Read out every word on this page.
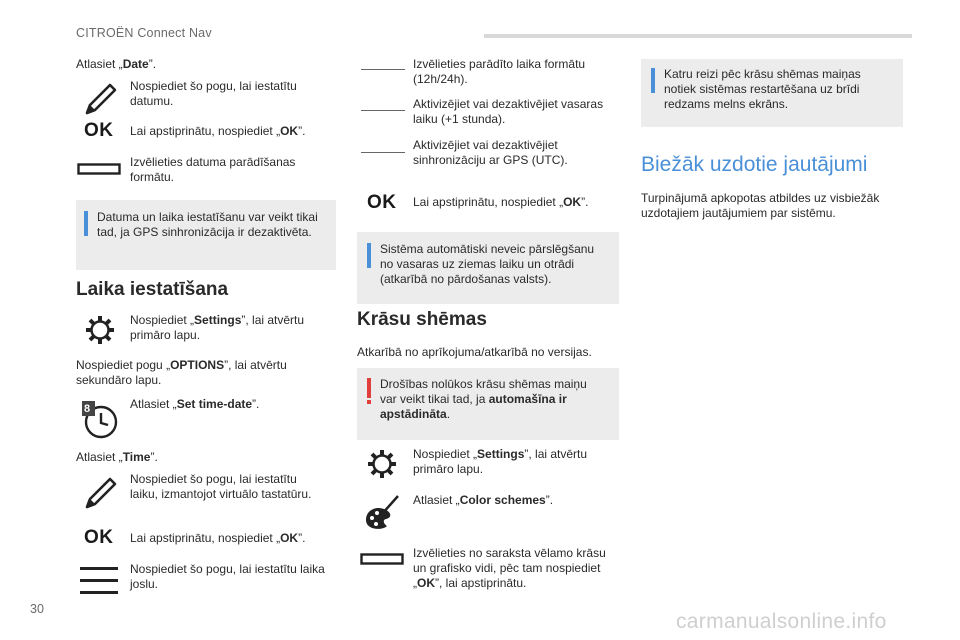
CITROËN Connect Nav
Atlasiet „Date”.
Nospiediet šo pogu, lai iestatītu
datumu.
OK Lai apstiprinātu, nospiediet „OK”.
Izvēlieties datuma parādīšanas
formātu.
Datuma un laika iestatīšanu var veikt tikai
tad, ja GPS sinhronizācija ir dezaktivēta.
Laika iestatīšana
Nospiediet „Settings”, lai atvērtu
primāro lapu.
Nospiediet pogu „OPTIONS”, lai atvērtu
sekundāro lapu.
8	Atlasiet „Set time-date”.
Atlasiet „Time”.
Nospiediet šo pogu, lai iestatītu
laiku, izmantojot virtuālo tastatūru.
OK Lai apstiprinātu, nospiediet „OK”.
Nospiediet šo pogu, lai iestatītu laika
joslu.
Izvēlieties parādīto laika formātu
(12h/24h).
Aktivizējiet vai dezaktivējiet vasaras
laiku (+1 stunda).
Aktivizējiet vai dezaktivējiet
sinhronizāciju ar GPS (UTC).
OK Lai apstiprinātu, nospiediet „OK”.
Sistēma automātiski neveic pārslēgšanu
no vasaras uz ziemas laiku un otrādi
(atkarībā no pārdošanas valsts).
Krāsu shēmas
Atkarībā no aprīkojuma/atkarībā no versijas.
Drošības nolūkos krāsu shēmas maiņu
var veikt tikai tad, ja automašīna ir
apstādināta.
Nospiediet „Settings”, lai atvērtu
primāro lapu.
Atlasiet „Color schemes”.
Izvēlieties no saraksta vēlamo krāsu
un grafisko vidi, pēc tam nospiediet
„OK”, lai apstiprinātu.
Katru reizi pēc krāsu shēmas maiņas
notiek sistēmas restartēšana uz brīdi
redzams melns ekrāns.
Biežāk uzdotie jautājumi
Turpinājumā apkopotas atbildes uz visbiežāk
uzdotajiem jautājumiem par sistēmu.
30
carmanualsonline.info
